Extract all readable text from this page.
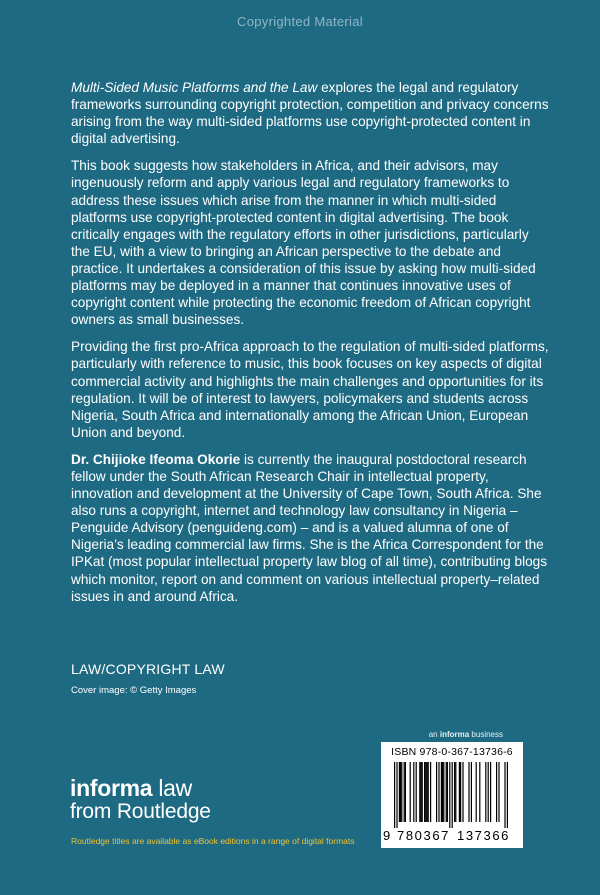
Copyrighted Material

Multi-Sided Music Platforms and the Law explores the legal and regulatory frameworks surrounding copyright protection, competition and privacy concerns arising from the way multi-sided platforms use copyright-protected content in digital advertising.

This book suggests how stakeholders in Africa, and their advisors, may ingenuously reform and apply various legal and regulatory frameworks to address these issues which arise from the manner in which multi-sided platforms use copyright-protected content in digital advertising. The book critically engages with the regulatory efforts in other jurisdictions, particularly the EU, with a view to bringing an African perspective to the debate and practice. It undertakes a consideration of this issue by asking how multi-sided platforms may be deployed in a manner that continues innovative uses of copyright content while protecting the economic freedom of African copyright owners as small businesses.

Providing the first pro-Africa approach to the regulation of multi-sided platforms, particularly with reference to music, this book focuses on key aspects of digital commercial activity and highlights the main challenges and opportunities for its regulation. It will be of interest to lawyers, policymakers and students across Nigeria, South Africa and internationally among the African Union, European Union and beyond.

Dr. Chijioke Ifeoma Okorie is currently the inaugural postdoctoral research fellow under the South African Research Chair in intellectual property, innovation and development at the University of Cape Town, South Africa. She also runs a copyright, internet and technology law consultancy in Nigeria – Penguide Advisory (penguideng.com) – and is a valued alumna of one of Nigeria’s leading commercial law firms. She is the Africa Correspondent for the IPKat (most popular intellectual property law blog of all time), contributing blogs which monitor, report on and comment on various intellectual property–related issues in and around Africa.

LAW/COPYRIGHT LAW
Cover image: © Getty Images
an informa business
informa law
from Routledge
Routledge titles are available as eBook editions in a range of digital formats
ISBN 978-0-367-13736-6
9 780367 137366
